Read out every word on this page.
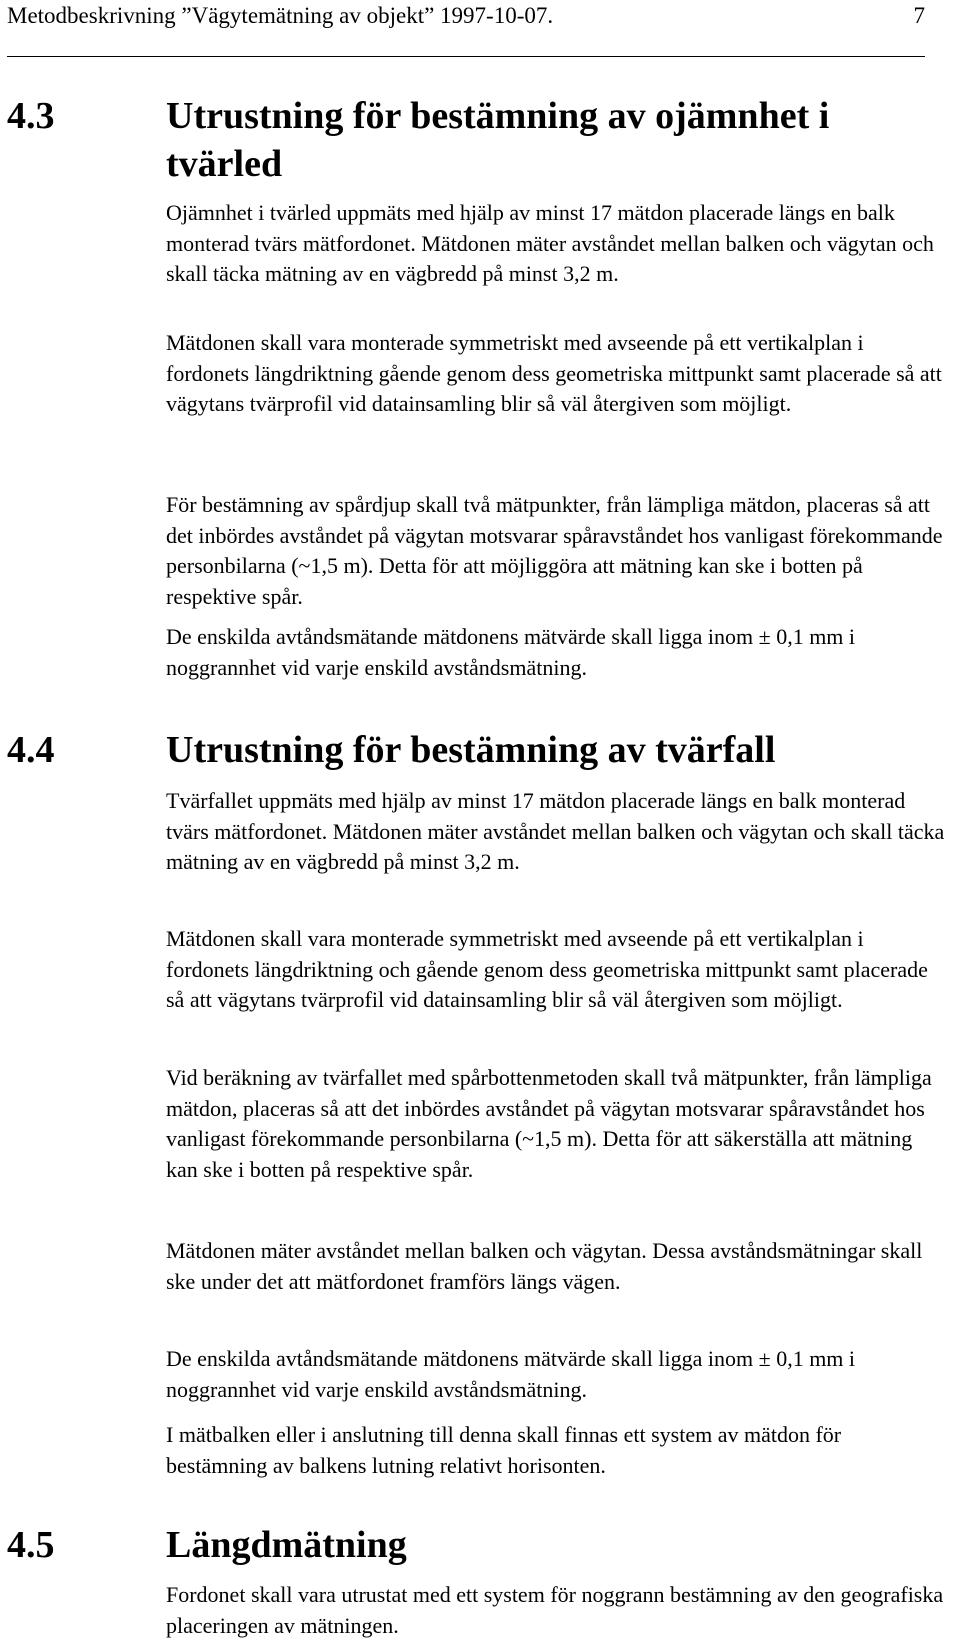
Metodbeskrivning ”Vägytemätning av objekt” 1997-10-07.	7
4.3	Utrustning för bestämning av ojämnhet i tvärled

Ojämnhet i tvärled uppmäts med hjälp av minst 17 mätdon placerade längs en balk monterad tvärs mätfordonet. Mätdonen mäter avståndet mellan balken och vägytan och skall täcka mätning av en vägbredd på minst 3,2 m.

Mätdonen skall vara monterade symmetriskt med avseende på ett vertikalplan i fordonets längdriktning gående genom dess geometriska mittpunkt samt placerade så att vägytans tvärprofil vid datainsamling blir så väl återgiven som möjligt.

För bestämning av spårdjup skall två mätpunkter, från lämpliga mätdon, placeras så att det inbördes avståndet på vägytan motsvarar spåravståndet hos vanligast förekommande personbilarna (~1,5 m). Detta för att möjliggöra att mätning kan ske i botten på respektive spår.

De enskilda avtåndsmätande mätdonens mätvärde skall ligga inom ± 0,1 mm i noggrannhet vid varje enskild avståndsmätning.

4.4	Utrustning för bestämning av tvärfall

Tvärfallet uppmäts med hjälp av minst 17 mätdon placerade längs en balk monterad tvärs mätfordonet. Mätdonen mäter avståndet mellan balken och vägytan och skall täcka mätning av en vägbredd på minst 3,2 m.

Mätdonen skall vara monterade symmetriskt med avseende på ett vertikalplan i fordonets längdriktning och gående genom dess geometriska mittpunkt samt placerade så att vägytans tvärprofil vid datainsamling blir så väl återgiven som möjligt.

Vid beräkning av tvärfallet med spårbottenmetoden skall två mätpunkter, från lämpliga mätdon, placeras så att det inbördes avståndet på vägytan motsvarar spåravståndet hos vanligast förekommande personbilarna (~1,5 m). Detta för att säkerställa att mätning kan ske i botten på respektive spår.

Mätdonen mäter avståndet mellan balken och vägytan. Dessa avståndsmätningar skall ske under det att mätfordonet framförs längs vägen.

De enskilda avtåndsmätande mätdonens mätvärde skall ligga inom ± 0,1 mm i noggrannhet vid varje enskild avståndsmätning.

I mätbalken eller i anslutning till denna skall finnas ett system av mätdon för bestämning av balkens lutning relativt horisonten.

4.5	Längdmätning

Fordonet skall vara utrustat med ett system för noggrann bestämning av den geografiska placeringen av mätningen.
